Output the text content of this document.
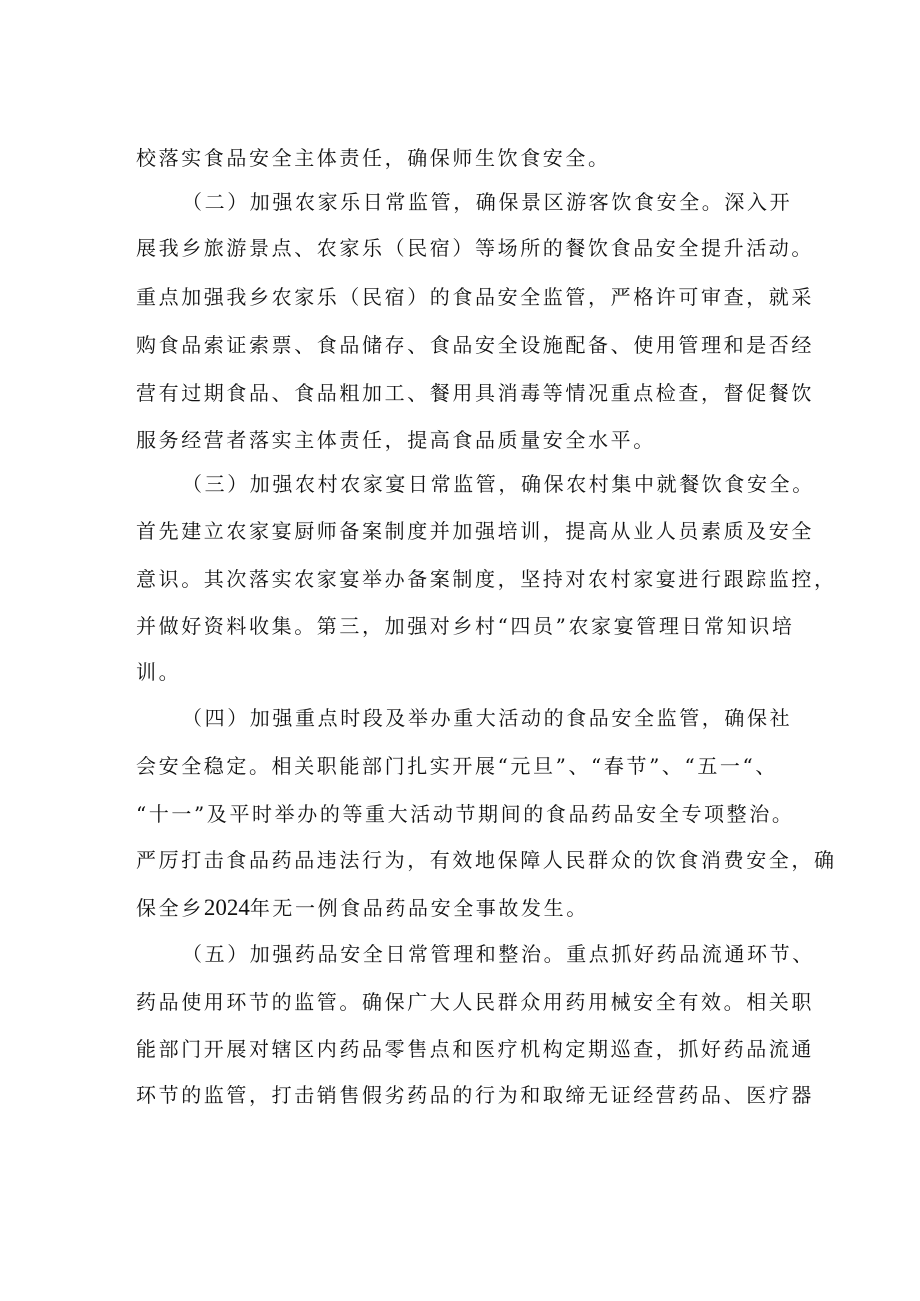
校落实食品安全主体责任，确保师生饮食安全。
（二）加强农家乐日常监管，确保景区游客饮食安全。深入开
展我乡旅游景点、农家乐（民宿）等场所的餐饮食品安全提升活动。
重点加强我乡农家乐（民宿）的食品安全监管，严格许可审查，就采
购食品索证索票、食品储存、食品安全设施配备、使用管理和是否经
营有过期食品、食品粗加工、餐用具消毒等情况重点检查，督促餐饮
服务经营者落实主体责任，提高食品质量安全水平。
（三）加强农村农家宴日常监管，确保农村集中就餐饮食安全。
首先建立农家宴厨师备案制度并加强培训，提高从业人员素质及安全
意识。其次落实农家宴举办备案制度，坚持对农村家宴进行跟踪监控，
并做好资料收集。第三，加强对乡村“四员”农家宴管理日常知识培
训。
（四）加强重点时段及举办重大活动的食品安全监管，确保社
会安全稳定。相关职能部门扎实开展“元旦”、“春节”、“五一“、
“十一”及平时举办的等重大活动节期间的食品药品安全专项整治。
严厉打击食品药品违法行为，有效地保障人民群众的饮食消费安全，确
保全乡2024年无一例食品药品安全事故发生。
（五）加强药品安全日常管理和整治。重点抓好药品流通环节、
药品使用环节的监管。确保广大人民群众用药用械安全有效。相关职
能部门开展对辖区内药品零售点和医疗机构定期巡查，抓好药品流通
环节的监管，打击销售假劣药品的行为和取缔无证经营药品、医疗器
